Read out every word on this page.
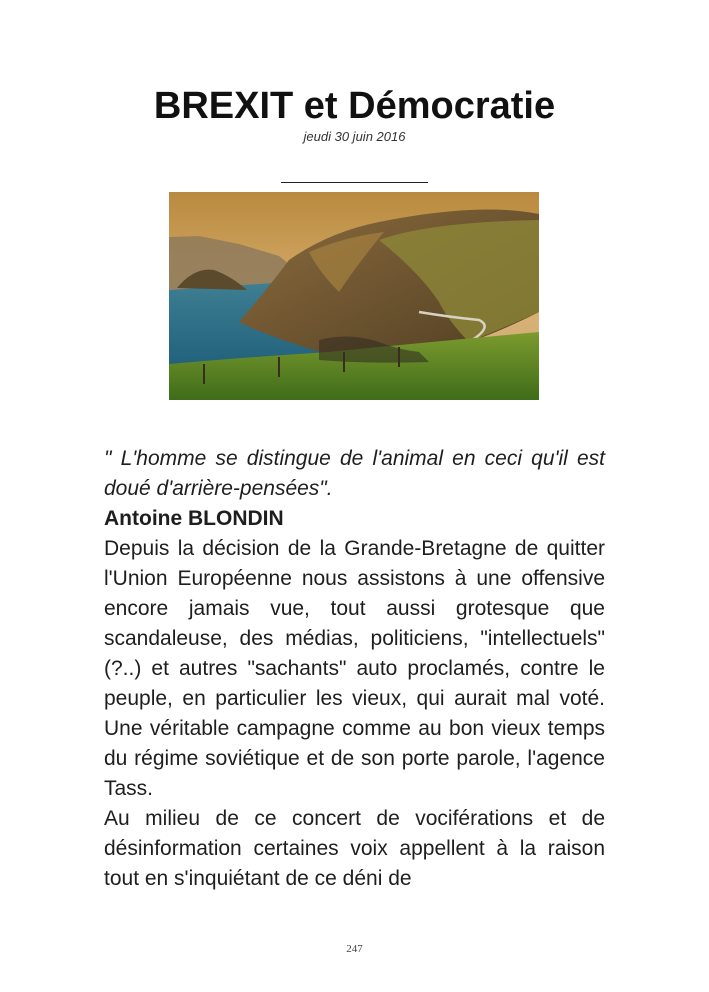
BREXIT et Démocratie
jeudi 30 juin 2016

" L'homme se distingue de l'animal en ceci qu'il est doué d'arrière-pensées".

Antoine BLONDIN

Depuis la décision de la Grande-Bretagne de quitter l'Union Européenne nous assistons à une offensive encore jamais vue, tout aussi grotesque que scandaleuse, des médias, politiciens, "intellectuels" (?..) et autres "sachants" auto proclamés, contre le peuple, en particulier les vieux, qui aurait mal voté. Une véritable campagne comme au bon vieux temps du régime soviétique et de son porte parole, l'agence Tass.

Au milieu de ce concert de vociférations et de désinformation certaines voix appellent à la raison tout en s'inquiétant de ce déni de

247
